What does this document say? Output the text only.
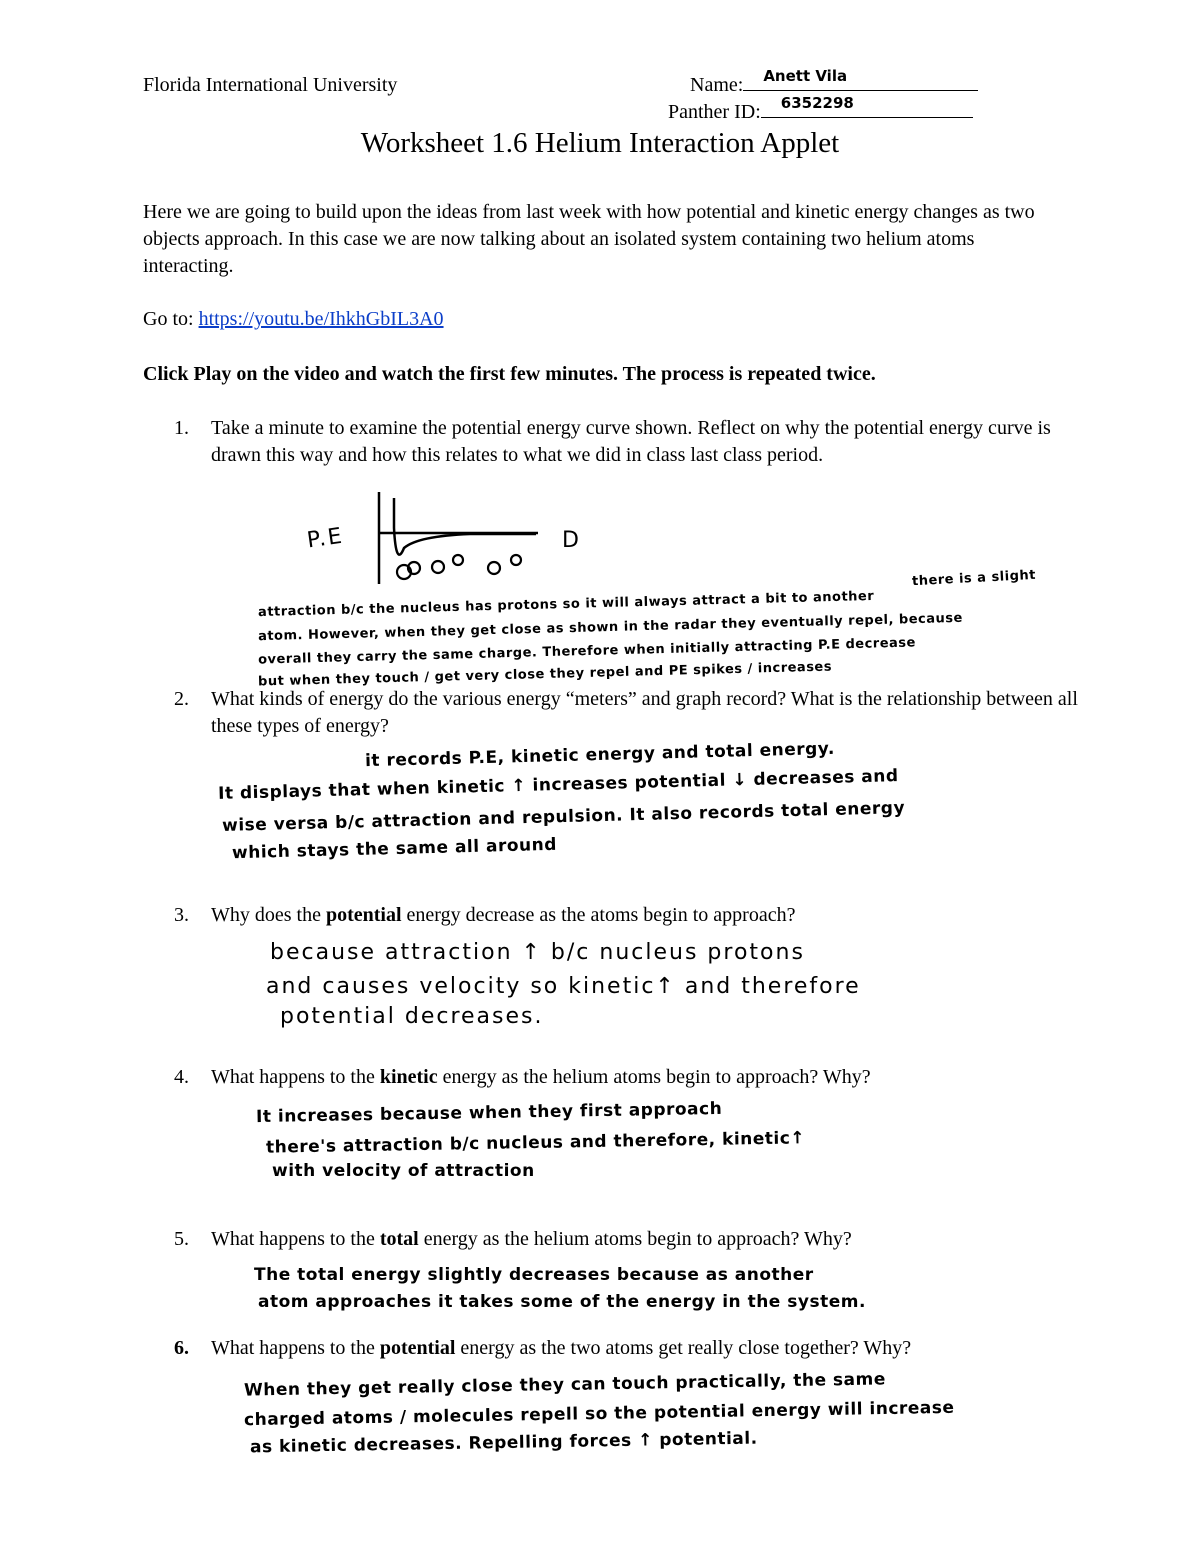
Florida International University	Name: Anett Vila
Panther ID: 6352298
Worksheet 1.6 Helium Interaction Applet
Here we are going to build upon the ideas from last week with how potential and kinetic energy changes as two objects approach. In this case we are now talking about an isolated system containing two helium atoms interacting.
Go to: https://youtu.be/IhkhGbIL3A0
Click Play on the video and watch the first few minutes. The process is repeated twice.
1. Take a minute to examine the potential energy curve shown. Reflect on why the potential energy curve is drawn this way and how this relates to what we did in class last class period.
P.E	D
there is a slight
attraction b/c the nucleus has protons so it will always attract a bit to another
atom. However, when they get close as shown in the radar they eventually repel, because
overall they carry the same charge. Therefore when initially attracting P.E decrease
but when they touch / get very close they repel and PE spikes / increases
2. What kinds of energy do the various energy “meters” and graph record? What is the relationship between all these types of energy?
it records P.E, kinetic energy and total energy.
It displays that when kinetic ↑ increases potential ↓ decreases and
wise versa b/c attraction and repulsion. It also records total energy
which stays the same all around
3. Why does the potential energy decrease as the atoms begin to approach?
because attraction ↑ b/c nucleus protons
and causes velocity so kinetic↑ and therefore
potential decreases.
4. What happens to the kinetic energy as the helium atoms begin to approach? Why?
It increases because when they first approach
there's attraction b/c nucleus and therefore, kinetic↑
with velocity of attraction
5. What happens to the total energy as the helium atoms begin to approach? Why?
The total energy slightly decreases because as another
atom approaches it takes some of the energy in the system.
6. What happens to the potential energy as the two atoms get really close together? Why?
When they get really close they can touch practically, the same
charged atoms / molecules repell so the potential energy will increase
as kinetic decreases. Repelling forces ↑ potential.
